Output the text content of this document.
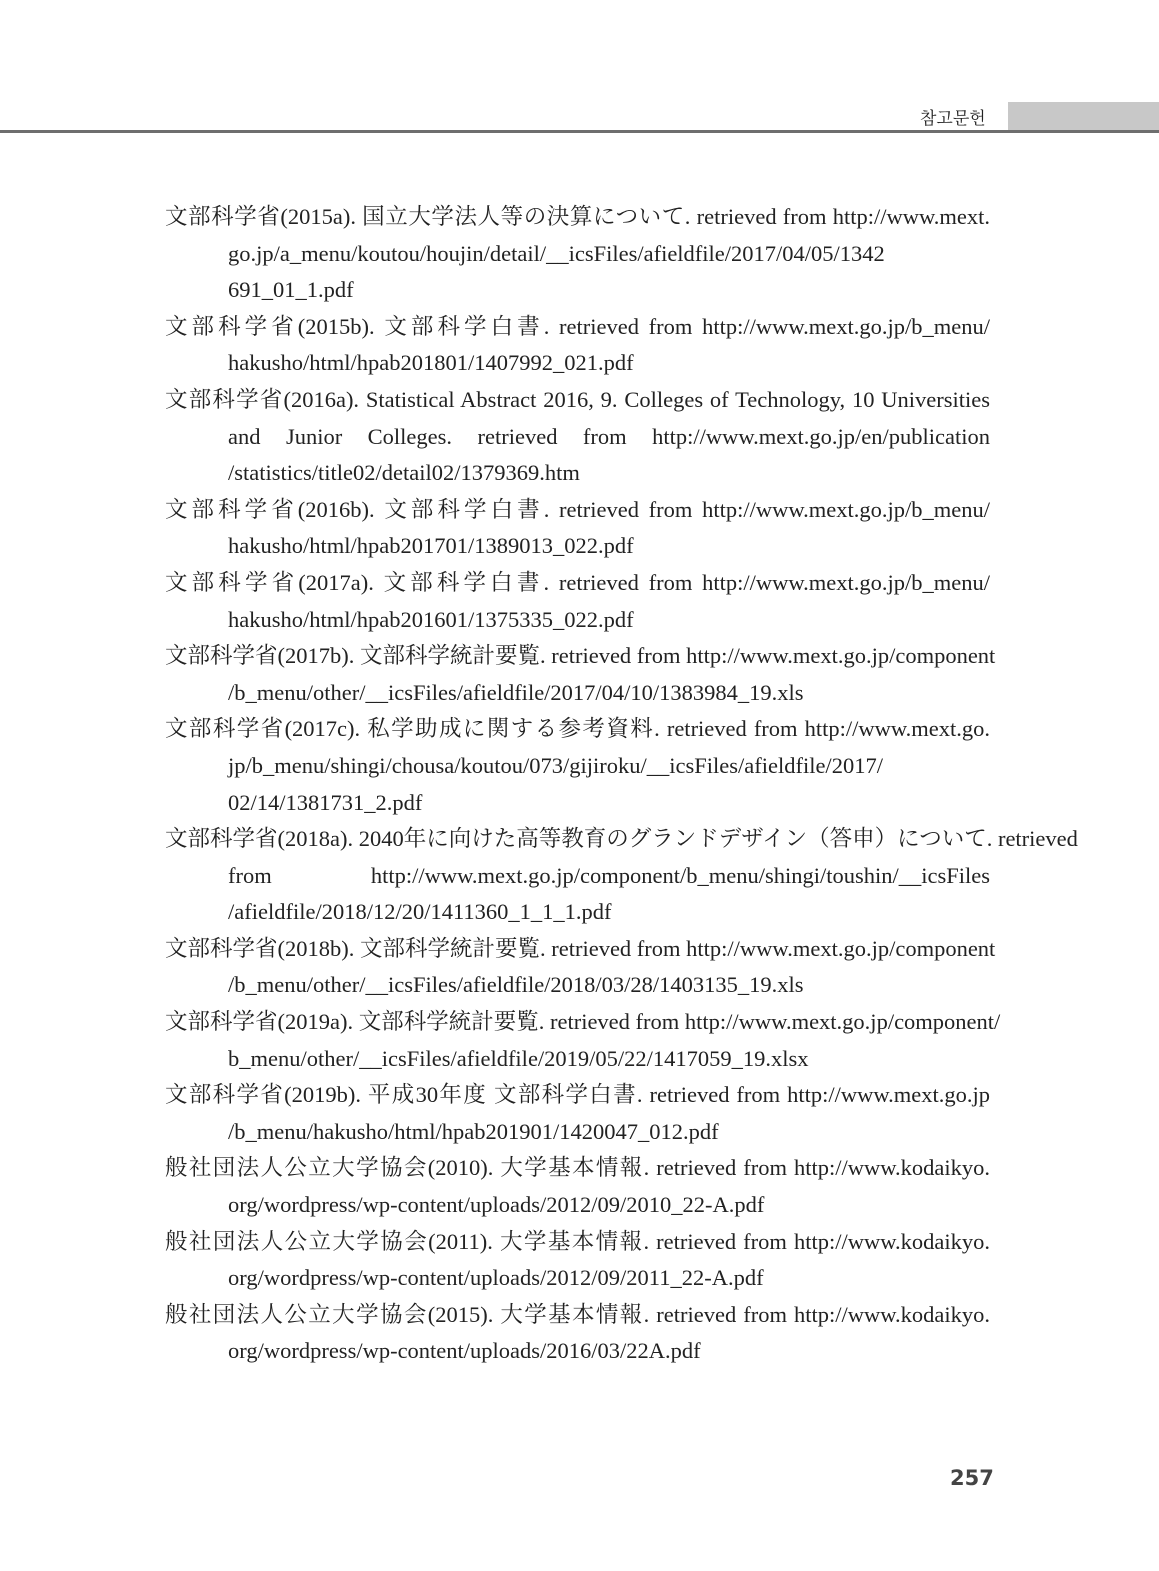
참고문헌
文部科学省(2015a). 国立大学法人等の決算について. retrieved from http://www.mext.
go.jp/a_menu/koutou/houjin/detail/__icsFiles/afieldfile/2017/04/05/1342
691_01_1.pdf
文部科学省(2015b). 文部科学白書. retrieved from http://www.mext.go.jp/b_menu/
hakusho/html/hpab201801/1407992_021.pdf
文部科学省(2016a). Statistical Abstract 2016, 9. Colleges of Technology, 10 Universities
and Junior Colleges. retrieved from http://www.mext.go.jp/en/publication
/statistics/title02/detail02/1379369.htm
文部科学省(2016b). 文部科学白書. retrieved from http://www.mext.go.jp/b_menu/
hakusho/html/hpab201701/1389013_022.pdf
文部科学省(2017a). 文部科学白書. retrieved from http://www.mext.go.jp/b_menu/
hakusho/html/hpab201601/1375335_022.pdf
文部科学省(2017b). 文部科学統計要覧. retrieved from http://www.mext.go.jp/component
/b_menu/other/__icsFiles/afieldfile/2017/04/10/1383984_19.xls
文部科学省(2017c). 私学助成に関する参考資料. retrieved from http://www.mext.go.
jp/b_menu/shingi/chousa/koutou/073/gijiroku/__icsFiles/afieldfile/2017/
02/14/1381731_2.pdf
文部科学省(2018a). 2040年に向けた高等教育のグランドデザイン（答申）について. retrieved
from http://www.mext.go.jp/component/b_menu/shingi/toushin/__icsFiles
/afieldfile/2018/12/20/1411360_1_1_1.pdf
文部科学省(2018b). 文部科学統計要覧. retrieved from http://www.mext.go.jp/component
/b_menu/other/__icsFiles/afieldfile/2018/03/28/1403135_19.xls
文部科学省(2019a). 文部科学統計要覧. retrieved from http://www.mext.go.jp/component/
b_menu/other/__icsFiles/afieldfile/2019/05/22/1417059_19.xlsx
文部科学省(2019b). 平成30年度 文部科学白書. retrieved from http://www.mext.go.jp
/b_menu/hakusho/html/hpab201901/1420047_012.pdf
般社団法人公立大学協会(2010). 大学基本情報. retrieved from http://www.kodaikyo.
org/wordpress/wp-content/uploads/2012/09/2010_22-A.pdf
般社団法人公立大学協会(2011). 大学基本情報. retrieved from http://www.kodaikyo.
org/wordpress/wp-content/uploads/2012/09/2011_22-A.pdf
般社団法人公立大学協会(2015). 大学基本情報. retrieved from http://www.kodaikyo.
org/wordpress/wp-content/uploads/2016/03/22A.pdf
257
